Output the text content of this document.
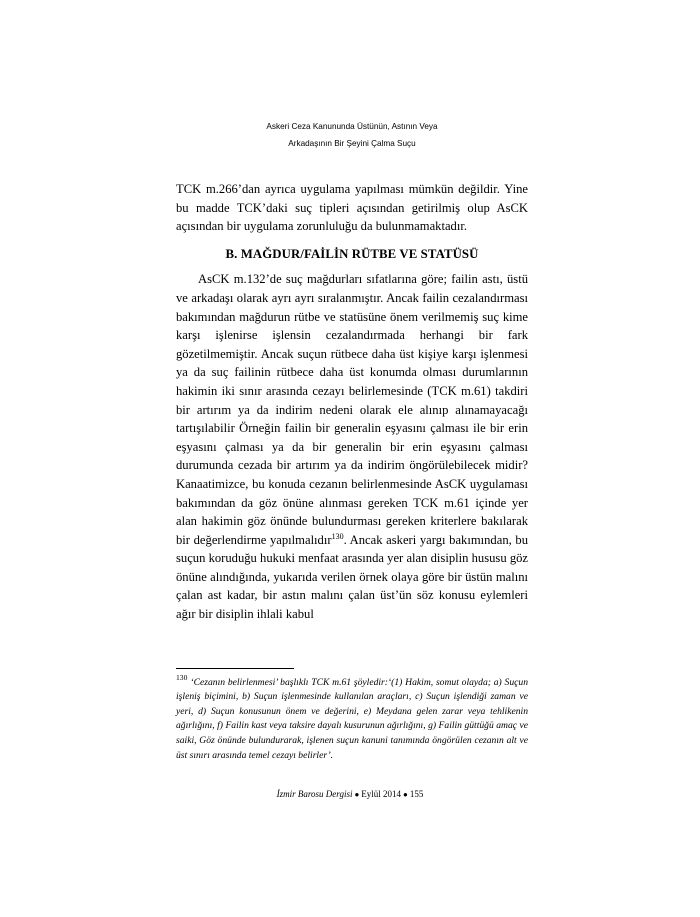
Askeri Ceza Kanununda Üstünün, Astının Veya
Arkadaşının Bir Şeyini Çalma Suçu

TCK m.266’dan ayrıca uygulama yapılması mümkün değildir. Yine bu madde TCK’daki suç tipleri açısından getirilmiş olup AsCK açısından bir uygulama zorunluluğu da bulunmamaktadır.

B. MAĞDUR/FAİLİN RÜTBE VE STATÜSÜ

AsCK m.132’de suç mağdurları sıfatlarına göre; failin astı, üstü ve arkadaşı olarak ayrı ayrı sıralanmıştır. Ancak failin cezalandırması bakımından mağdurun rütbe ve statüsüne önem verilmemiş suç kime karşı işlenirse işlensin cezalandırmada herhangi bir fark gözetilmemiştir. Ancak suçun rütbece daha üst kişiye karşı işlenmesi ya da suç failinin rütbece daha üst konumda olması durumlarının hakimin iki sınır arasında cezayı belirlemesinde (TCK m.61) takdiri bir artırım ya da indirim nedeni olarak ele alınıp alınamayacağı tartışılabilir Örneğin failin bir generalin eşyasını çalması ile bir erin eşyasını çalması ya da bir generalin bir erin eşyasını çalması durumunda cezada bir artırım ya da indirim öngörülebilecek midir? Kanaatimizce, bu konuda cezanın belirlenmesinde AsCK uygulaması bakımından da göz önüne alınması gereken TCK m.61 içinde yer alan hakimin göz önünde bulundurması gereken kriterlere bakılarak bir değerlendirme yapılmalıdır$^{130}$. Ancak askeri yargı bakımından, bu suçun koruduğu hukuki menfaat arasında yer alan disiplin hususu göz önüne alındığında, yukarıda verilen örnek olaya göre bir üstün malını çalan ast kadar, bir astın malını çalan üst’ün söz konusu eylemleri ağır bir disiplin ihlali kabul

$^{130}$ ‘Cezanın belirlenmesi’ başlıklı TCK m.61 şöyledir:‘(1) Hakim, somut olayda; a) Suçun işleniş biçimini, b) Suçun işlenmesinde kullanılan araçları, c) Suçun işlendiği zaman ve yeri, d) Suçun konusunun önem ve değerini, e) Meydana gelen zarar veya tehlikenin ağırlığını, f) Failin kast veya taksire dayalı kusurunun ağırlığını, g) Failin güttüğü amaç ve saiki, Göz önünde bulundurarak, işlenen suçun kanuni tanımında öngörülen cezanın alt ve üst sınırı arasında temel cezayı belirler’.
İzmir Barosu Dergisi ● Eylül 2014 ● 155
